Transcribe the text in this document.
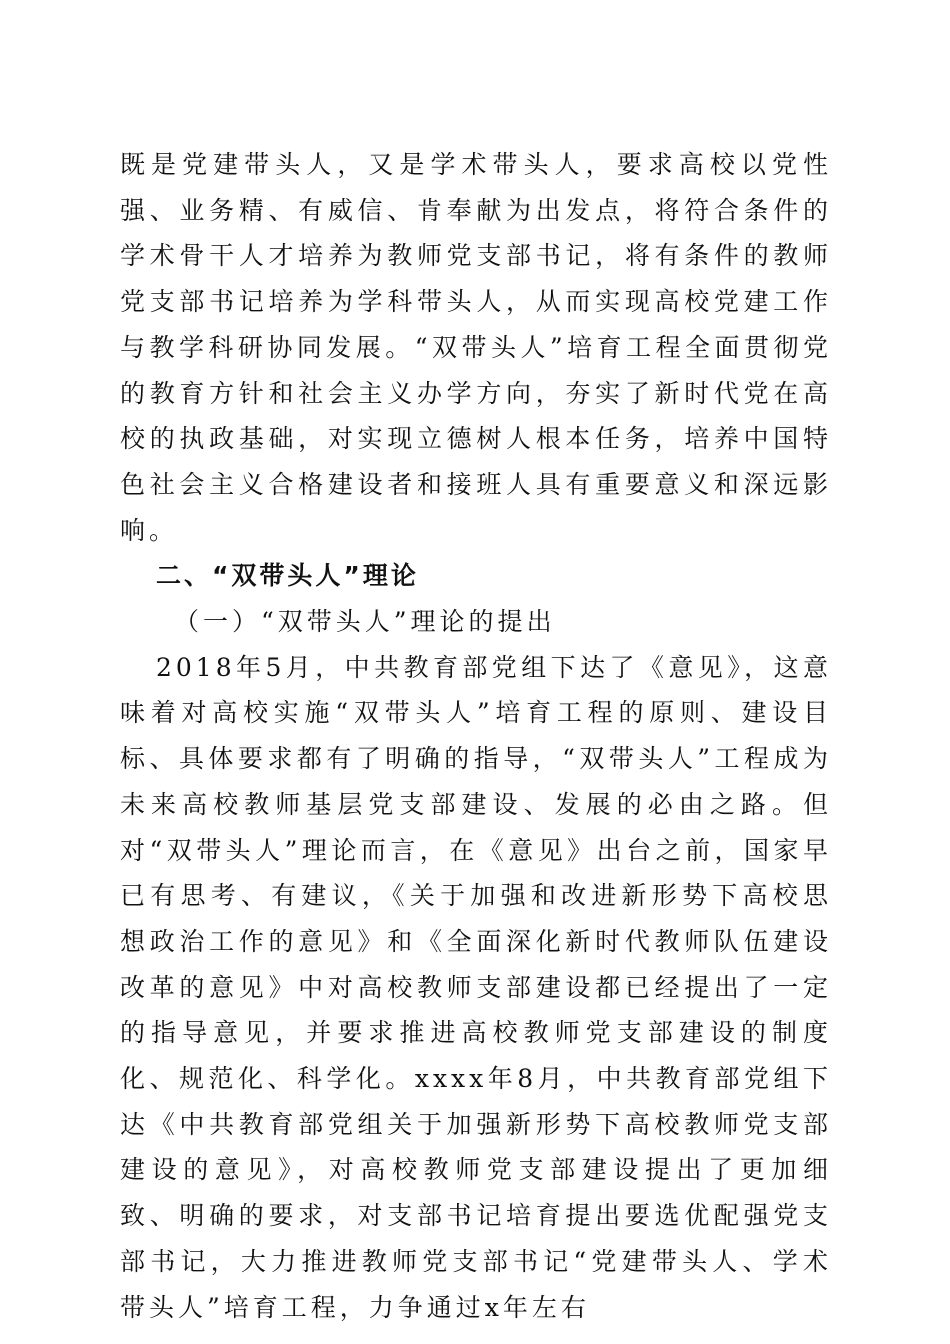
既是党建带头人，又是学术带头人，要求高校以党性强、业务精、有威信、肯奉献为出发点，将符合条件的学术骨干人才培养为教师党支部书记，将有条件的教师党支部书记培养为学科带头人，从而实现高校党建工作与教学科研协同发展。“双带头人”培育工程全面贯彻党的教育方针和社会主义办学方向，夯实了新时代党在高校的执政基础，对实现立德树人根本任务，培养中国特色社会主义合格建设者和接班人具有重要意义和深远影响。

二、“双带头人”理论

（一）“双带头人”理论的提出

2018年5月，中共教育部党组下达了《意见》，这意味着对高校实施“双带头人”培育工程的原则、建设目标、具体要求都有了明确的指导，“双带头人”工程成为未来高校教师基层党支部建设、发展的必由之路。但对“双带头人”理论而言，在《意见》出台之前，国家早已有思考、有建议，《关于加强和改进新形势下高校思想政治工作的意见》和《全面深化新时代教师队伍建设改革的意见》中对高校教师支部建设都已经提出了一定的指导意见，并要求推进高校教师党支部建设的制度化、规范化、科学化。xxxx年8月，中共教育部党组下达《中共教育部党组关于加强新形势下高校教师党支部建设的意见》，对高校教师党支部建设提出了更加细致、明确的要求，对支部书记培育提出要选优配强党支部书记，大力推进教师党支部书记“党建带头人、学术带头人”培育工程，力争通过x年左右
